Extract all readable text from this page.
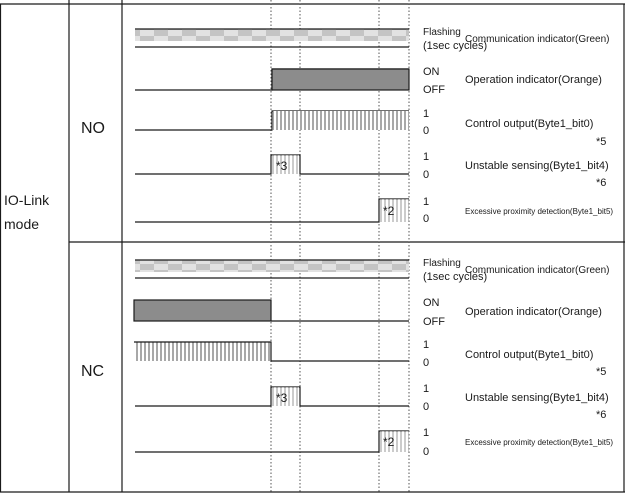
IO-Link
mode
NO
NC
*3
*2
Flashing
(1sec cycles)
ON
OFF
1
0
1
0
1
0
Communication indicator(Green)
Operation indicator(Orange)
Control output(Byte1_bit0)
*5
Unstable sensing(Byte1_bit4)
*6
Excessive proximity detection(Byte1_bit5)
*3
*2
Flashing
(1sec cycles)
ON
OFF
1
0
1
0
1
0
Communication indicator(Green)
Operation indicator(Orange)
Control output(Byte1_bit0)
*5
Unstable sensing(Byte1_bit4)
*6
Excessive proximity detection(Byte1_bit5)
